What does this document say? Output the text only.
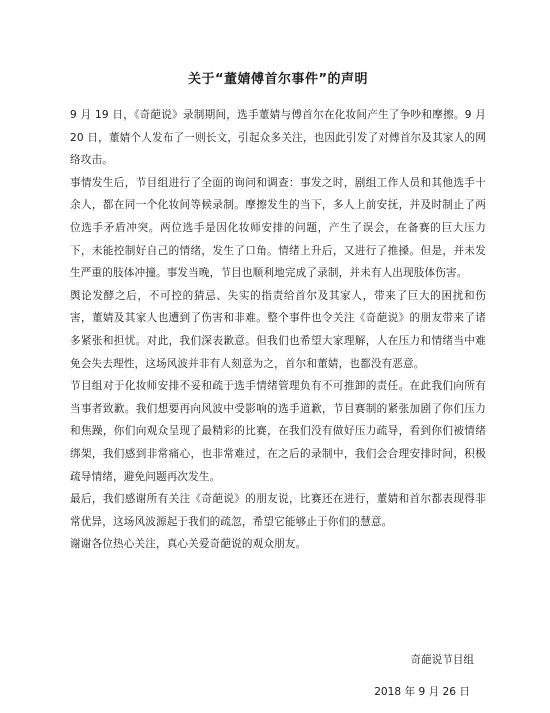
关于“董婧傅首尔事件”的声明

9 月 19 日，《奇葩说》录制期间，选手董婧与傅首尔在化妆间产生了争吵和摩擦。9 月 20 日，董婧个人发布了一则长文，引起众多关注，也因此引发了对傅首尔及其家人的网络攻击。

事情发生后，节目组进行了全面的询问和调查：事发之时，剧组工作人员和其他选手十余人，都在同一个化妆间等候录制。摩擦发生的当下，多人上前安抚，并及时制止了两位选手矛盾冲突。两位选手是因化妆师安排的问题，产生了误会，在备赛的巨大压力下，未能控制好自己的情绪，发生了口角。情绪上升后，又进行了推搡。但是，并未发生严重的肢体冲撞。事发当晚，节目也顺利地完成了录制，并未有人出现肢体伤害。

舆论发酵之后，不可控的猜忌、失实的指责给首尔及其家人，带来了巨大的困扰和伤害，董婧及其家人也遭到了伤害和非难。整个事件也令关注《奇葩说》的朋友带来了诸多紧张和担忧。对此，我们深表歉意。但我们也希望大家理解，人在压力和情绪当中难免会失去理性，这场风波并非有人刻意为之，首尔和董婧，也都没有恶意。

节目组对于化妆师安排不妥和疏于选手情绪管理负有不可推卸的责任。在此我们向所有当事者致歉。我们想要再向风波中受影响的选手道歉，节目赛制的紧张加剧了你们压力和焦躁，你们向观众呈现了最精彩的比赛，在我们没有做好压力疏导，看到你们被情绪绑架，我们感到非常痛心，也非常难过，在之后的录制中，我们会合理安排时间，积极疏导情绪，避免问题再次发生。

最后，我们感谢所有关注《奇葩说》的朋友说，比赛还在进行，董婧和首尔都表现得非常优异，这场风波源起于我们的疏忽，希望它能够止于你们的慧意。

谢谢各位热心关注，真心关爱奇葩说的观众朋友。

奇葩说节目组
2018 年 9 月 26 日
